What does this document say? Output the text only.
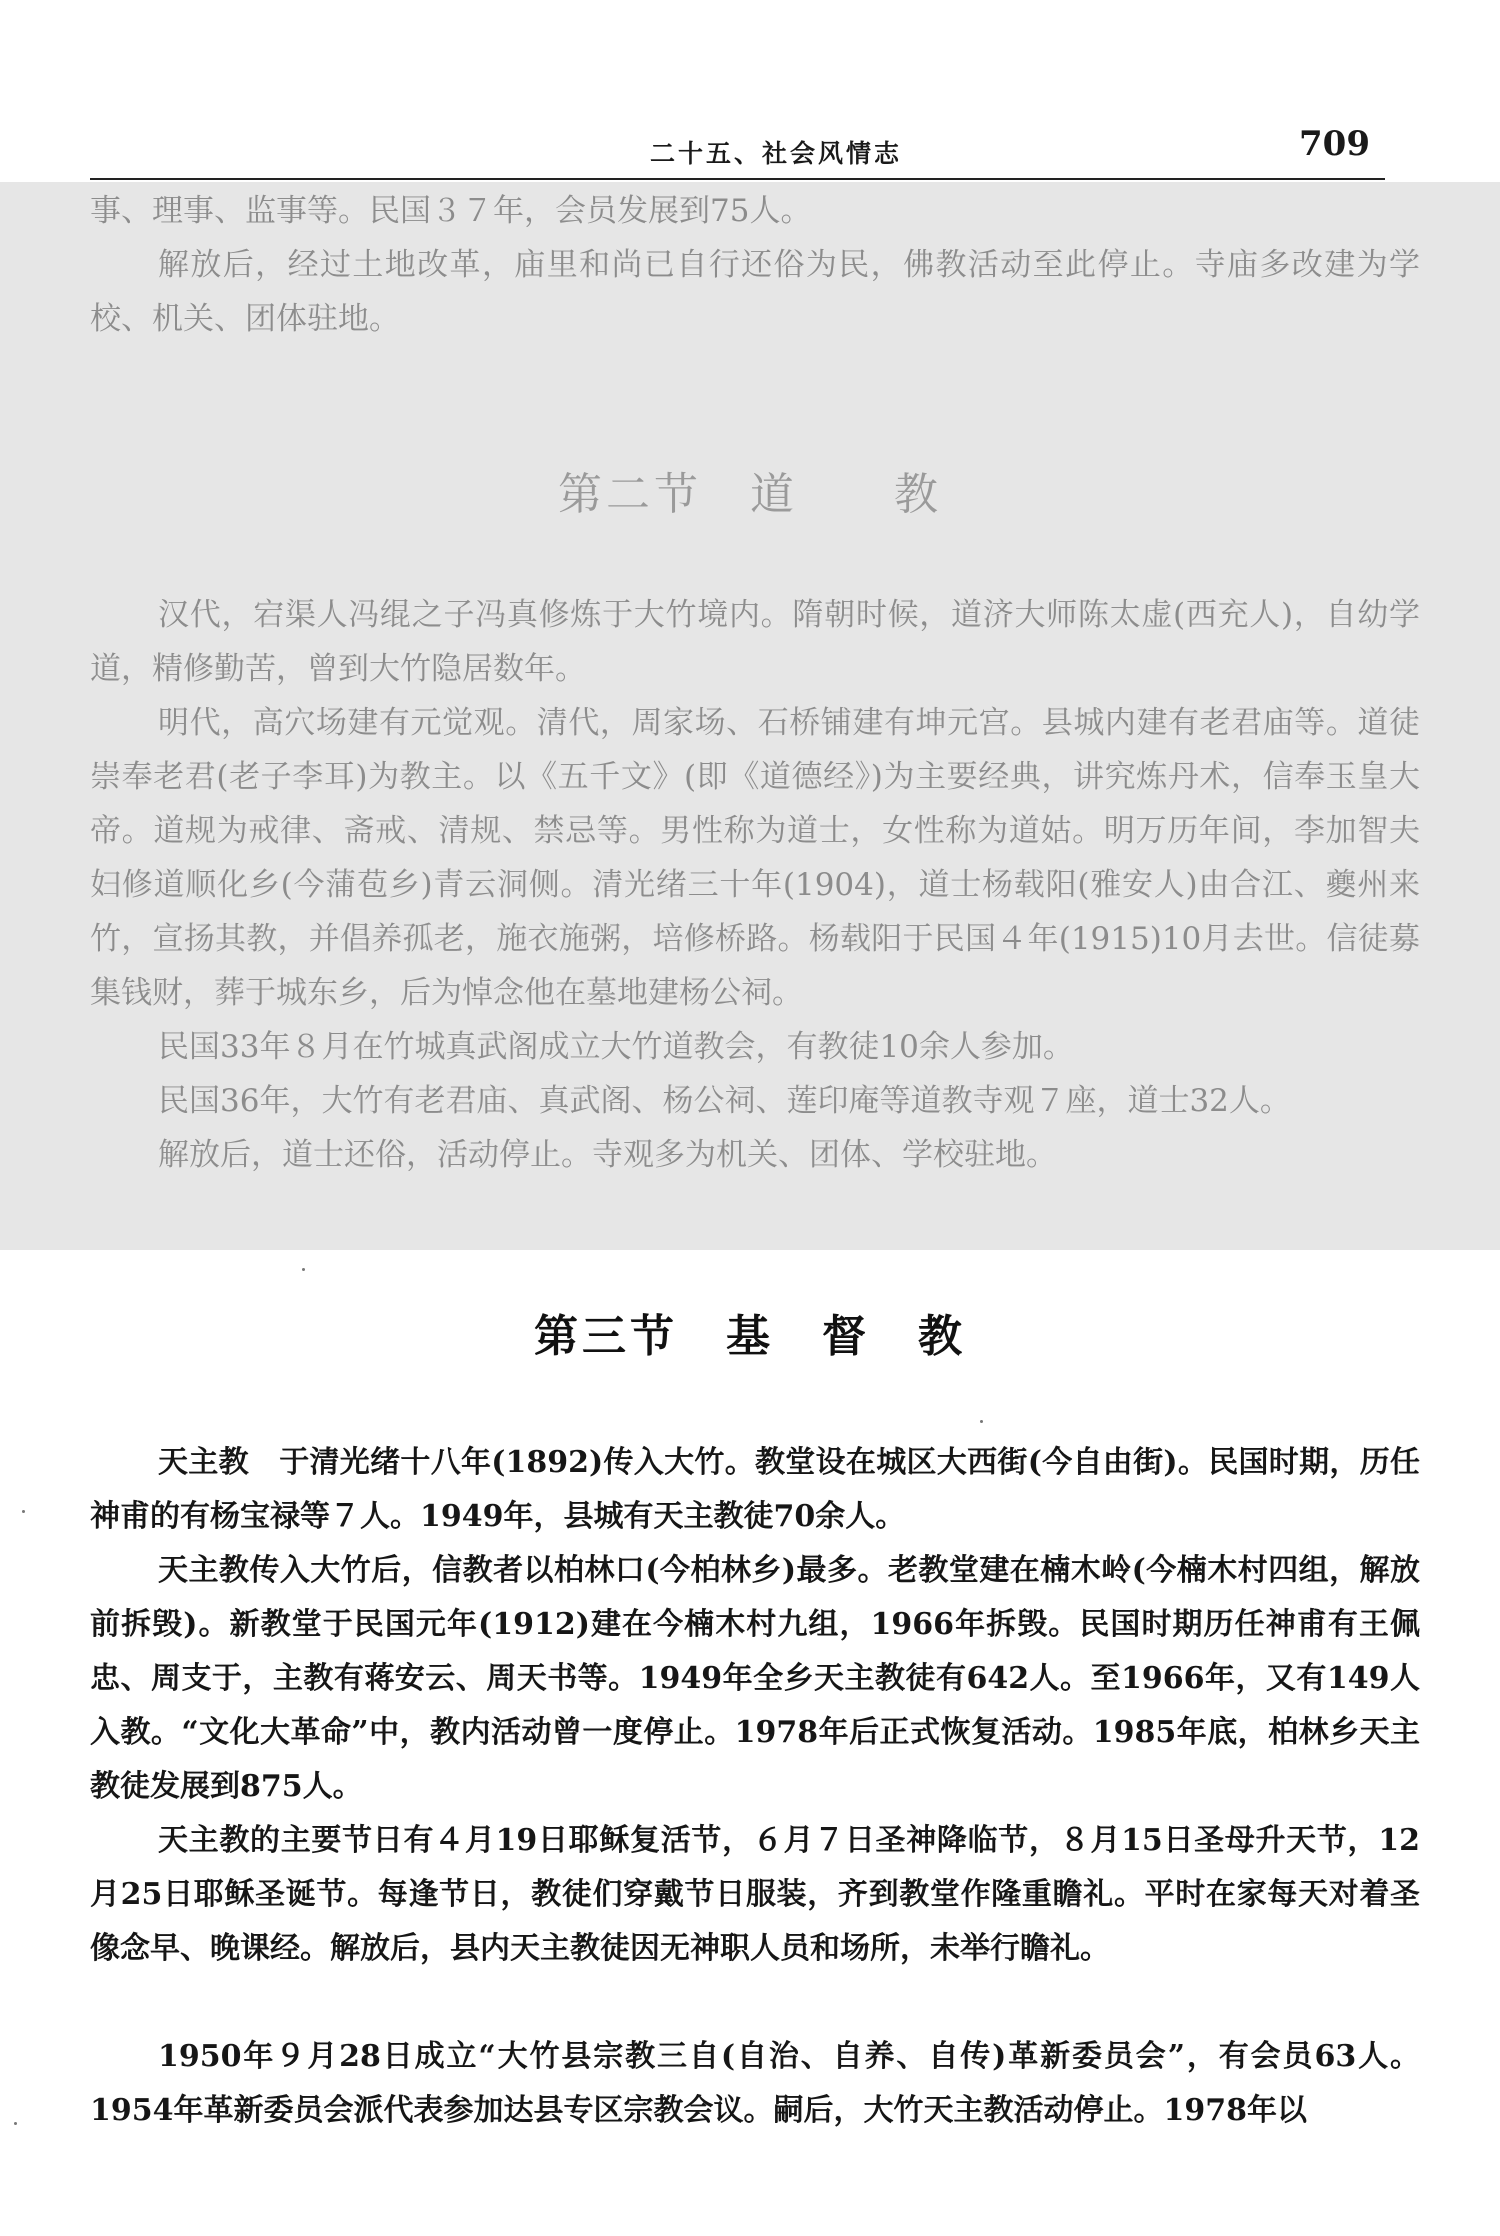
二十五、社会风情志	709

事、理事、监事等。民国３７年，会员发展到75人。

解放后，经过土地改革，庙里和尚已自行还俗为民，佛教活动至此停止。寺庙多改建为学校、机关、团体驻地。

第二节　道　　教

汉代，宕渠人冯绲之子冯真修炼于大竹境内。隋朝时候，道济大师陈太虚(西充人)，自幼学道，精修勤苦，曾到大竹隐居数年。

明代，高穴场建有元觉观。清代，周家场、石桥铺建有坤元宫。县城内建有老君庙等。道徒崇奉老君(老子李耳)为教主。以《五千文》(即《道德经》)为主要经典，讲究炼丹术，信奉玉皇大帝。道规为戒律、斋戒、清规、禁忌等。男性称为道士，女性称为道姑。明万历年间，李加智夫妇修道顺化乡(今蒲苞乡)青云洞侧。清光绪三十年(1904)，道士杨载阳(雅安人)由合江、夔州来竹，宣扬其教，并倡养孤老，施衣施粥，培修桥路。杨载阳于民国４年(1915)10月去世。信徒募集钱财，葬于城东乡，后为悼念他在墓地建杨公祠。

民国33年８月在竹城真武阁成立大竹道教会，有教徒10余人参加。

民国36年，大竹有老君庙、真武阁、杨公祠、莲印庵等道教寺观７座，道士32人。

解放后，道士还俗，活动停止。寺观多为机关、团体、学校驻地。

第三节　基　督　教

天主教　于清光绪十八年(1892)传入大竹。教堂设在城区大西街(今自由街)。民国时期，历任神甫的有杨宝禄等７人。1949年，县城有天主教徒70余人。

天主教传入大竹后，信教者以柏林口(今柏林乡)最多。老教堂建在楠木岭(今楠木村四组，解放前拆毁)。新教堂于民国元年(1912)建在今楠木村九组，1966年拆毁。民国时期历任神甫有王佩忠、周支于，主教有蒋安云、周天书等。1949年全乡天主教徒有642人。至1966年，又有149人入教。“文化大革命”中，教内活动曾一度停止。1978年后正式恢复活动。1985年底，柏林乡天主教徒发展到875人。

天主教的主要节日有４月19日耶稣复活节，６月７日圣神降临节，８月15日圣母升天节，12月25日耶稣圣诞节。每逢节日，教徒们穿戴节日服装，齐到教堂作隆重瞻礼。平时在家每天对着圣像念早、晚课经。解放后，县内天主教徒因无神职人员和场所，未举行瞻礼。

1950年９月28日成立“大竹县宗教三自(自治、自养、自传)革新委员会”，有会员63人。1954年革新委员会派代表参加达县专区宗教会议。嗣后，大竹天主教活动停止。1978年以
